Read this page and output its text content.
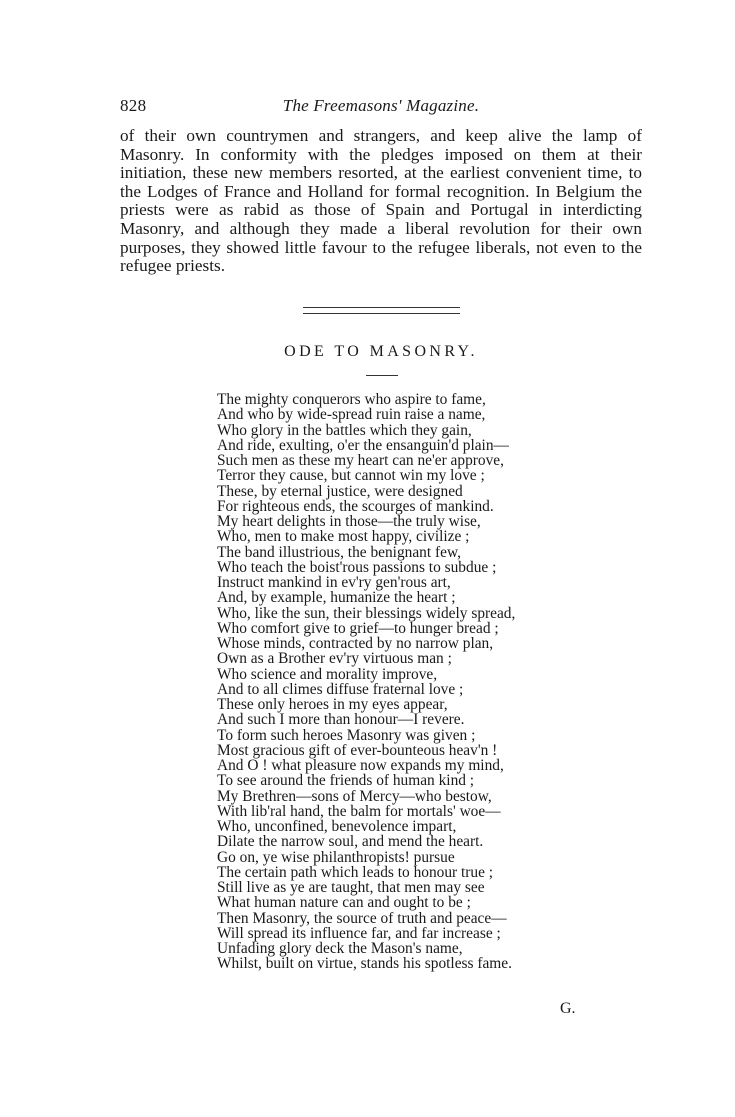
828	The Freemasons' Magazine.

of their own countrymen and strangers, and keep alive the lamp of Masonry. In conformity with the pledges imposed on them at their initiation, these new members resorted, at the earliest convenient time, to the Lodges of France and Holland for formal recognition. In Belgium the priests were as rabid as those of Spain and Portugal in interdicting Masonry, and although they made a liberal revolution for their own purposes, they showed little favour to the refugee liberals, not even to the refugee priests.

ODE TO MASONRY.
The mighty conquerors who aspire to fame,
And who by wide-spread ruin raise a name,
Who glory in the battles which they gain,
And ride, exulting, o'er the ensanguin'd plain—
Such men as these my heart can ne'er approve,
Terror they cause, but cannot win my love ;
These, by eternal justice, were designed
For righteous ends, the scourges of mankind.
My heart delights in those—the truly wise,
Who, men to make most happy, civilize ;
The band illustrious, the benignant few,
Who teach the boist'rous passions to subdue ;
Instruct mankind in ev'ry gen'rous art,
And, by example, humanize the heart ;
Who, like the sun, their blessings widely spread,
Who comfort give to grief—to hunger bread ;
Whose minds, contracted by no narrow plan,
Own as a Brother ev'ry virtuous man ;
Who science and morality improve,
And to all climes diffuse fraternal love ;
These only heroes in my eyes appear,
And such I more than honour—I revere.
To form such heroes Masonry was given ;
Most gracious gift of ever-bounteous heav'n !
And O ! what pleasure now expands my mind,
To see around the friends of human kind ;
My Brethren—sons of Mercy—who bestow,
With lib'ral hand, the balm for mortals' woe—
Who, unconfined, benevolence impart,
Dilate the narrow soul, and mend the heart.
Go on, ye wise philanthropists! pursue
The certain path which leads to honour true ;
Still live as ye are taught, that men may see
What human nature can and ought to be ;
Then Masonry, the source of truth and peace—
Will spread its influence far, and far increase ;
Unfading glory deck the Mason's name,
Whilst, built on virtue, stands his spotless fame.
G.
